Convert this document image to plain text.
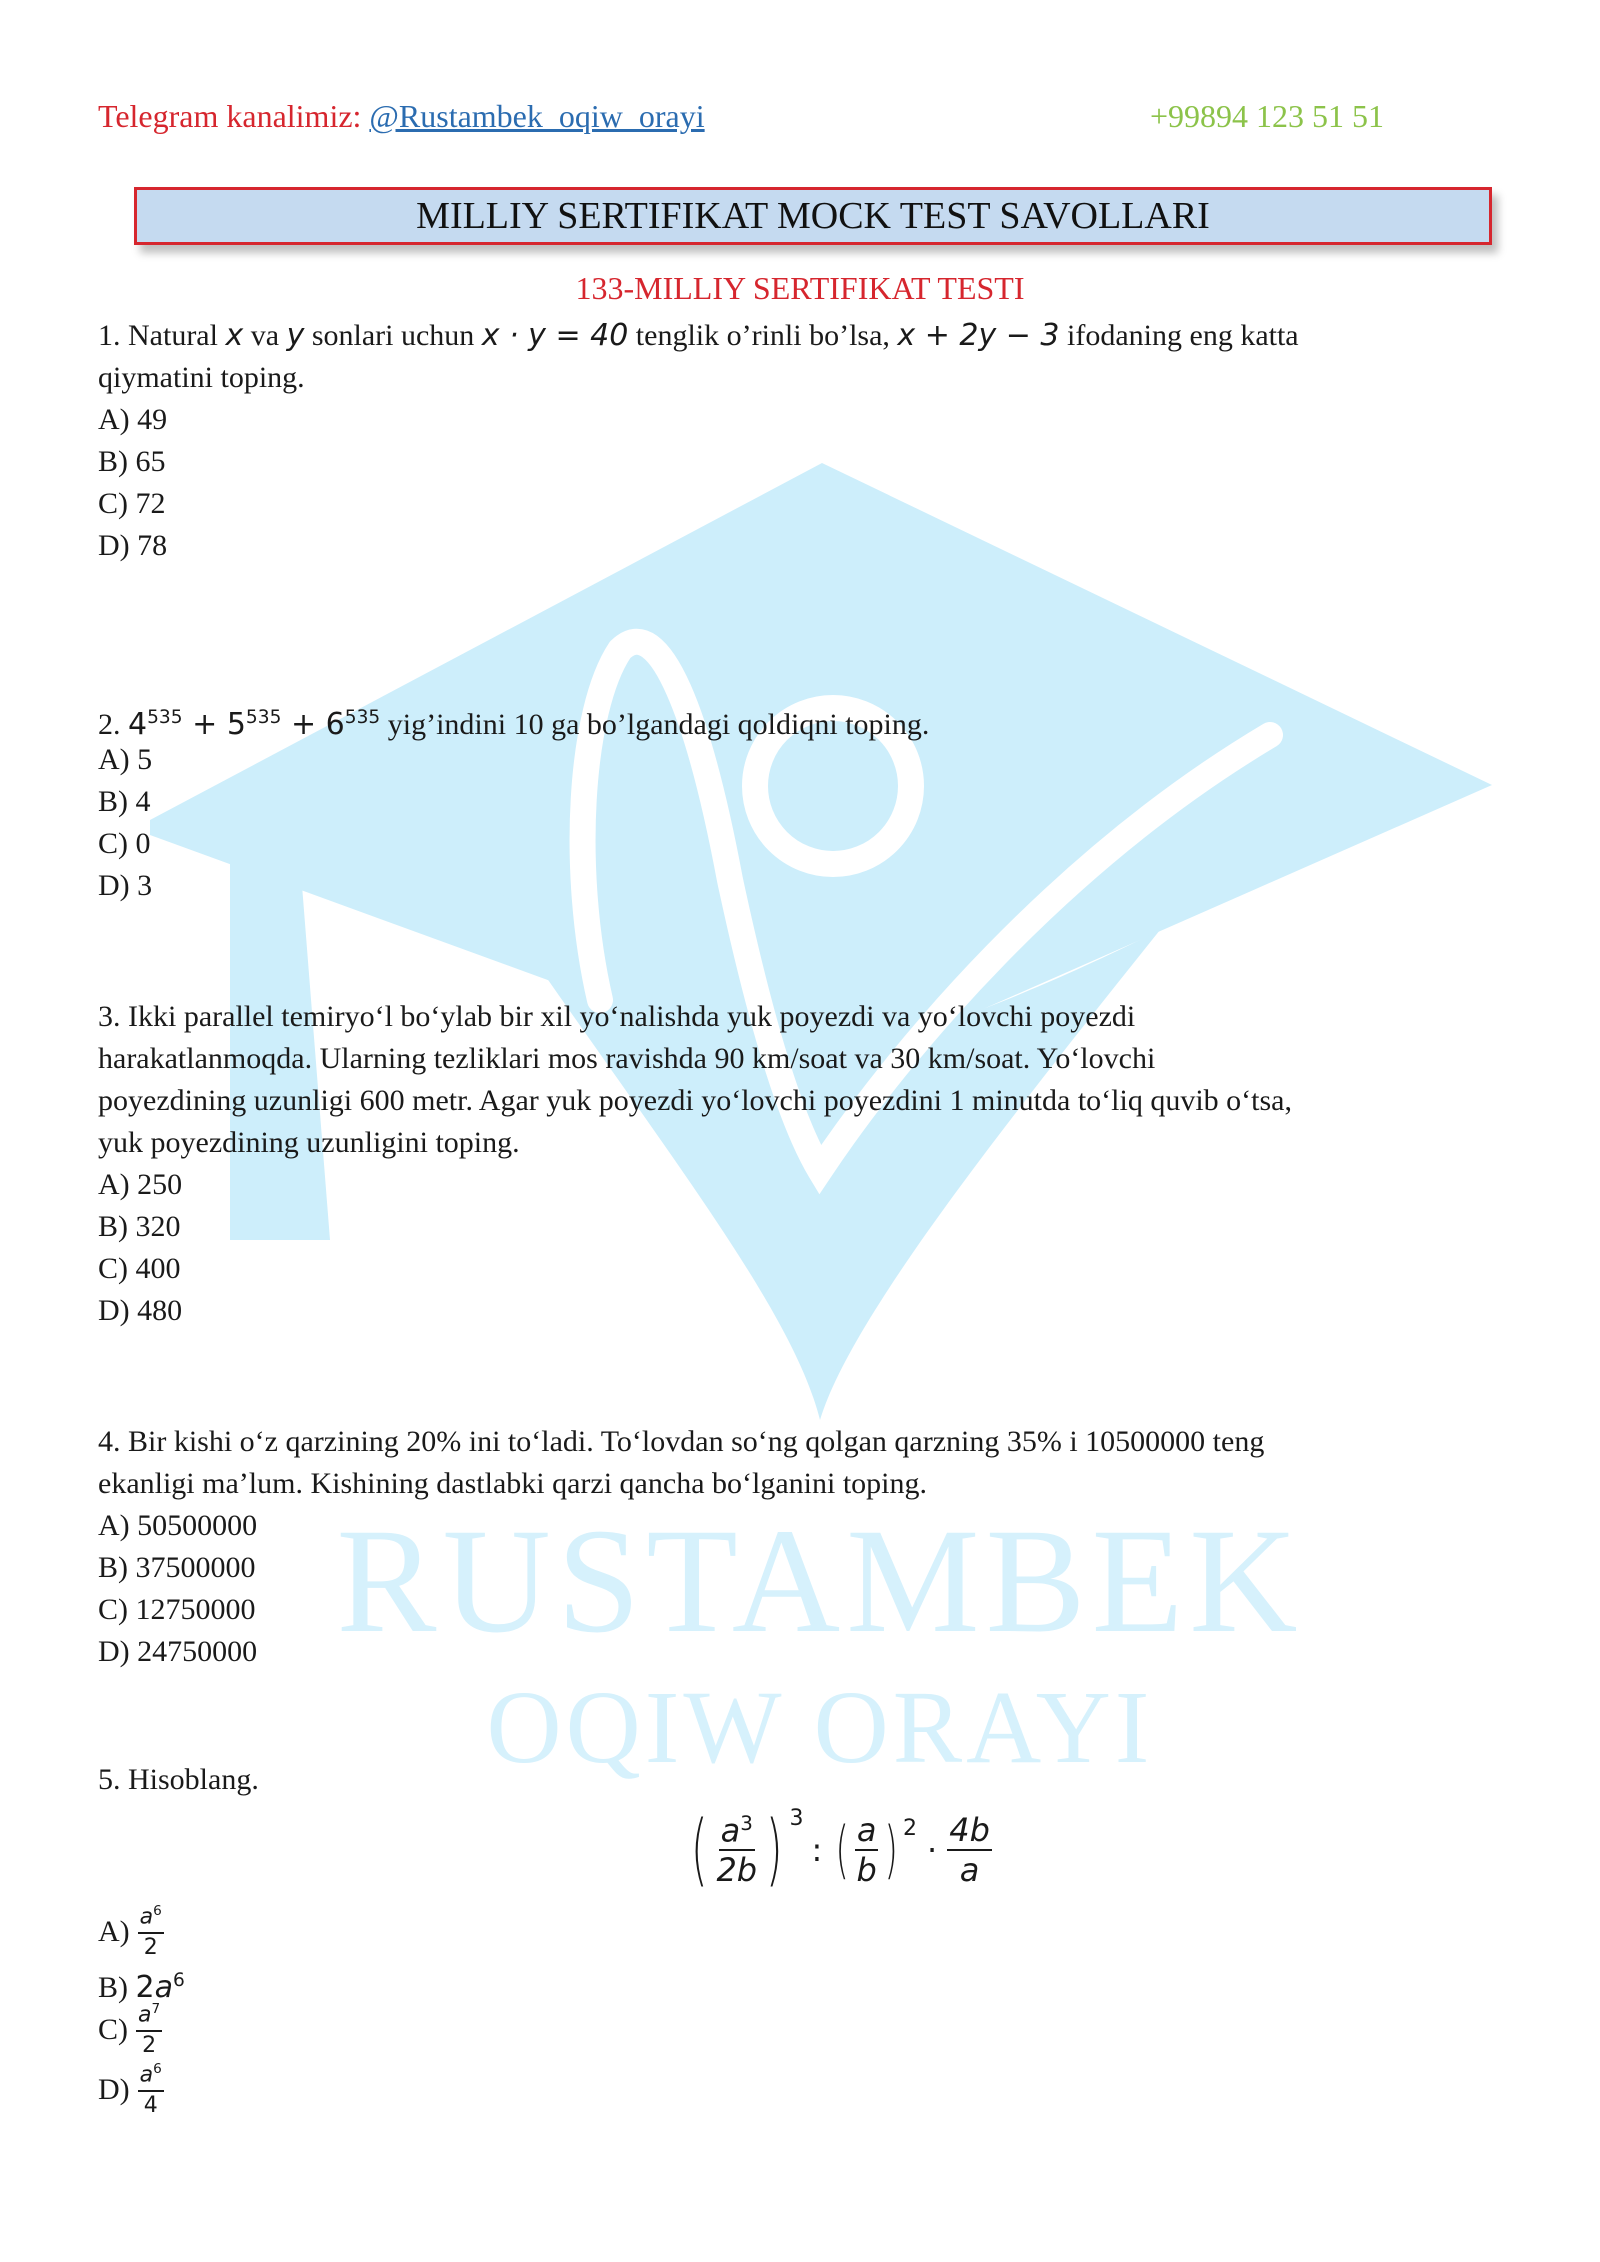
RUSTAMBEK
OQIW ORAYI
Telegram kanalimiz: @Rustambek_oqiw_orayi	+99894 123 51 51
MILLIY SERTIFIKAT MOCK TEST SAVOLLARI
133-MILLIY SERTIFIKAT TESTI
1. Natural x va y sonlari uchun x · y = 40 tenglik o’rinli bo’lsa, x + 2y − 3 ifodaning eng katta
qiymatini toping.
A) 49
B) 65
C) 72
D) 78
2. $4^{535} + 5^{535} + 6^{535}$ yig’indini 10 ga bo’lgandagi qoldiqni toping.
A) 5
B) 4
C) 0
D) 3
3. Ikki parallel temiryo‘l bo‘ylab bir xil yo‘nalishda yuk poyezdi va yo‘lovchi poyezdi
harakatlanmoqda. Ularning tezliklari mos ravishda 90 km/soat va 30 km/soat. Yo‘lovchi
poyezdining uzunligi 600 metr. Agar yuk poyezdi yo‘lovchi poyezdini 1 minutda to‘liq quvib o‘tsa,
yuk poyezdining uzunligini toping.
A) 250
B) 320
C) 400
D) 480
4. Bir kishi o‘z qarzining 20% ini to‘ladi. To‘lovdan so‘ng qolgan qarzning 35% i 10500000 teng
ekanligi ma’lum. Kishining dastlabki qarzi qancha bo‘lganini toping.
A) 50500000
B) 37500000
C) 12750000
D) 24750000
5. Hisoblang.
( $\frac{a^3}{2b}$ ) $^3$
: ( $\frac{a}{b} )^2$
· $\frac{4b}{a}$
$A) \frac{a^6}{2}$
B) $2a^6$
$C) \frac{a^7}{2}$
$D) \frac{a^6}{4}$
